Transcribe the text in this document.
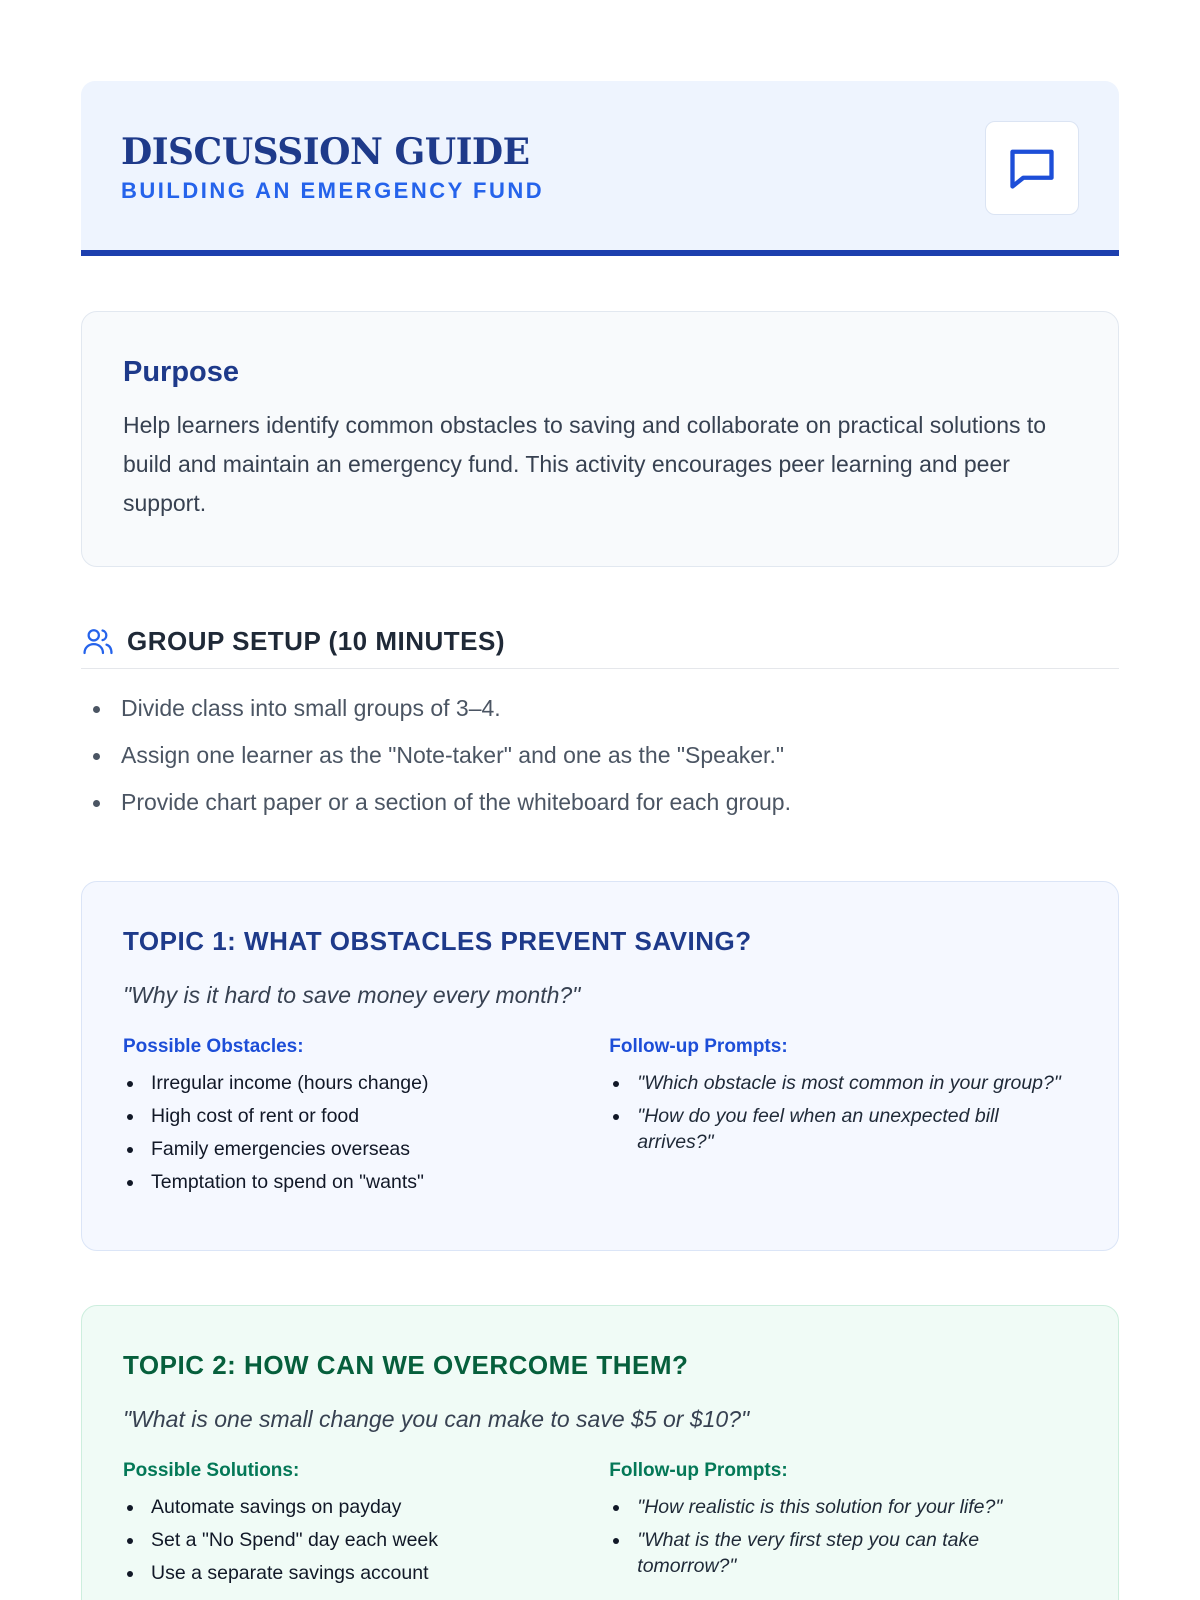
DISCUSSION GUIDE
BUILDING AN EMERGENCY FUND
Purpose

Help learners identify common obstacles to saving and collaborate on practical solutions to build and maintain an emergency fund. This activity encourages peer learning and peer support.

GROUP SETUP (10 MINUTES)
Divide class into small groups of 3–4.
Assign one learner as the "Note-taker" and one as the "Speaker."
Provide chart paper or a section of the whiteboard for each group.
TOPIC 1: WHAT OBSTACLES PREVENT SAVING?

"Why is it hard to save money every month?"

Possible Obstacles:
Irregular income (hours change)
High cost of rent or food
Family emergencies overseas
Temptation to spend on "wants"
Follow-up Prompts:
"Which obstacle is most common in your group?"
"How do you feel when an unexpected bill arrives?"
TOPIC 2: HOW CAN WE OVERCOME THEM?

"What is one small change you can make to save $5 or $10?"

Possible Solutions:
Automate savings on payday
Set a "No Spend" day each week
Use a separate savings account
Follow-up Prompts:
"How realistic is this solution for your life?"
"What is the very first step you can take tomorrow?"
